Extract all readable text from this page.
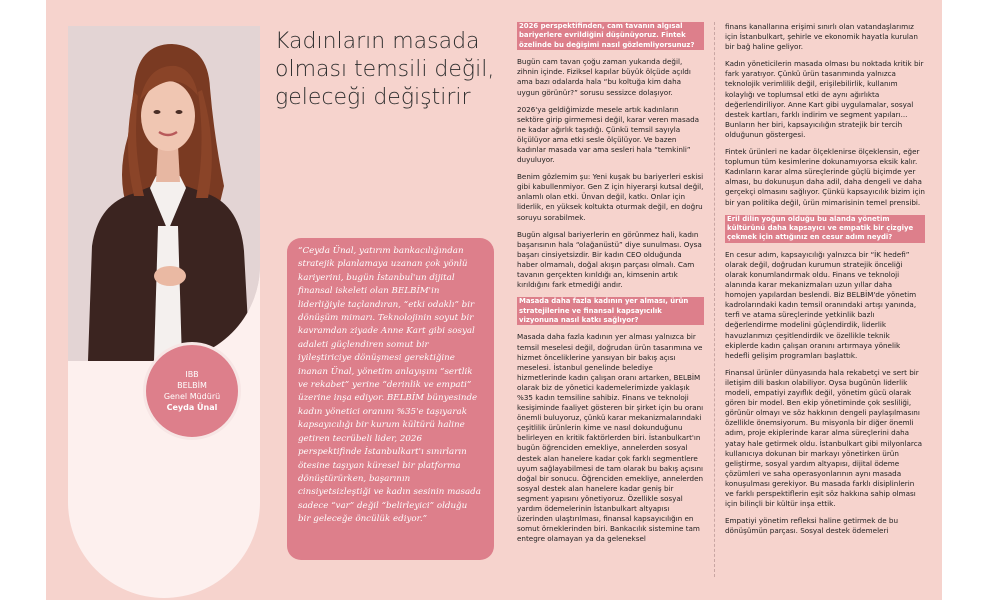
IBB
BELBİM
Genel Müdürü
Ceyda Ünal
Kadınların masada olması temsili değil, geleceği değiştirir
“Ceyda Ünal, yatırım bankacılığından stratejik planlamaya uzanan çok yönlü kariyerini, bugün İstanbul'un dijital finansal iskeleti olan BELBİM'in liderliğiyle taçlandıran, “etki odaklı” bir dönüşüm mimarı. Teknolojinin soyut bir kavramdan ziyade Anne Kart gibi sosyal adaleti güçlendiren somut bir iyileştiriciye dönüşmesi gerektiğine inanan Ünal, yönetim anlayışını “sertlik ve rekabet” yerine “derinlik ve empati” üzerine inşa ediyor. BELBİM bünyesinde kadın yönetici oranını %35'e taşıyarak kapsayıcılığı bir kurum kültürü haline getiren tecrübeli lider, 2026 perspektifinde İstanbulkart'ı sınırların ötesine taşıyan küresel bir platforma dönüştürürken, başarının cinsiyetsizleştiği ve kadın sesinin masada sadece “var” değil “belirleyici” olduğu bir geleceğe öncülük ediyor.”
2026 perspektifinden, cam tavanın algısal bariyerlere evrildiğini düşünüyoruz. Fintek özelinde bu değişimi nasıl gözlemliyorsunuz?
Bugün cam tavan çoğu zaman yukarıda değil, zihnin içinde. Fiziksel kapılar büyük ölçüde açıldı ama bazı odalarda hala “bu koltuğa kim daha uygun görünür?” sorusu sessizce dolaşıyor.
2026'ya geldiğimizde mesele artık kadınların sektöre girip girmemesi değil, karar veren masada ne kadar ağırlık taşıdığı. Çünkü temsil sayıyla ölçülüyor ama etki sesle ölçülüyor. Ve bazen kadınlar masada var ama sesleri hala “temkinli” duyuluyor.
Benim gözlemim şu: Yeni kuşak bu bariyerleri eskisi gibi kabullenmiyor. Gen Z için hiyerarşi kutsal değil, anlamlı olan etki. Ünvan değil, katkı. Onlar için liderlik, en yüksek koltukta oturmak değil, en doğru soruyu sorabilmek.
Bugün algısal bariyerlerin en görünmez hali, kadın başarısının hala “olağanüstü” diye sunulması. Oysa başarı cinsiyetsizdir. Bir kadın CEO olduğunda haber olmamalı, doğal akışın parçası olmalı. Cam tavanın gerçekten kırıldığı an, kimsenin artık kırıldığını fark etmediği andır.
Masada daha fazla kadının yer alması, ürün stratejilerine ve finansal kapsayıcılık vizyonuna nasıl katkı sağlıyor?
Masada daha fazla kadının yer alması yalnızca bir temsil meselesi değil, doğrudan ürün tasarımına ve hizmet önceliklerine yansıyan bir bakış açısı meselesi. İstanbul genelinde belediye hizmetlerinde kadın çalışan oranı artarken, BELBİM olarak biz de yönetici kademelerimizde yaklaşık %35 kadın temsiline sahibiz. Finans ve teknoloji kesişiminde faaliyet gösteren bir şirket için bu oranı önemli buluyoruz, çünkü karar mekanizmalarındaki çeşitlilik ürünlerin kime ve nasıl dokunduğunu belirleyen en kritik faktörlerden biri. İstanbulkart'ın bugün öğrenciden emekliye, annelerden sosyal destek alan hanelere kadar çok farklı segmentlere uyum sağlayabilmesi de tam olarak bu bakış açısını doğal bir sonucu. Öğrenciden emekliye, annelerden sosyal destek alan hanelere kadar geniş bir segment yapısını yönetiyoruz. Özellikle sosyal yardım ödemelerinin İstanbulkart altyapısı üzerinden ulaştırılması, finansal kapsayıcılığın en somut örneklerinden biri. Bankacılık sistemine tam entegre olamayan ya da geleneksel
finans kanallarına erişimi sınırlı olan vatandaşlarımız için İstanbulkart, şehirle ve ekonomik hayatla kurulan bir bağ haline geliyor.
Kadın yöneticilerin masada olması bu noktada kritik bir fark yaratıyor. Çünkü ürün tasarımında yalnızca teknolojik verimlilik değil, erişilebilirlik, kullanım kolaylığı ve toplumsal etki de aynı ağırlıkta değerlendiriliyor. Anne Kart gibi uygulamalar, sosyal destek kartları, farklı indirim ve segment yapıları... Bunların her biri, kapsayıcılığın stratejik bir tercih olduğunun göstergesi.
Fintek ürünleri ne kadar ölçeklenirse ölçeklensin, eğer toplumun tüm kesimlerine dokunamıyorsa eksik kalır. Kadınların karar alma süreçlerinde güçlü biçimde yer alması, bu dokunuşun daha adil, daha dengeli ve daha gerçekçi olmasını sağlıyor. Çünkü kapsayıcılık bizim için bir yan politika değil, ürün mimarisinin temel prensibi.
Eril dilin yoğun olduğu bu alanda yönetim kültürünü daha kapsayıcı ve empatik bir çizgiye çekmek için attığınız en cesur adım neydi?
En cesur adım, kapsayıcılığı yalnızca bir “İK hedefi” olarak değil, doğrudan kurumun stratejik önceliği olarak konumlandırmak oldu. Finans ve teknoloji alanında karar mekanizmaları uzun yıllar daha homojen yapılardan beslendi. Biz BELBİM'de yönetim kadrolarındaki kadın temsil oranındaki artışı yanında, terfi ve atama süreçlerinde yetkinlik bazlı değerlendirme modelini güçlendirdik, liderlik havuzlarımızı çeşitlendirdik ve özellikle teknik ekiplerde kadın çalışan oranını artırmaya yönelik hedefli gelişim programları başlattık.
Finansal ürünler dünyasında hala rekabetçi ve sert bir iletişim dili baskın olabiliyor. Oysa bugünün liderlik modeli, empatiyi zayıflık değil, yönetim gücü olarak gören bir model. Ben ekip yönetiminde çok sesliliği, görünür olmayı ve söz hakkının dengeli paylaşılmasını özellikle önemsiyorum. Bu misyonla bir diğer önemli adım, proje ekiplerinde karar alma süreçlerini daha yatay hale getirmek oldu. İstanbulkart gibi milyonlarca kullanıcıya dokunan bir markayı yönetirken ürün geliştirme, sosyal yardım altyapısı, dijital ödeme çözümleri ve saha operasyonlarının aynı masada konuşulması gerekiyor. Bu masada farklı disiplinlerin ve farklı perspektiflerin eşit söz hakkına sahip olması için bilinçli bir kültür inşa ettik.
Empatiyi yönetim refleksi haline getirmek de bu dönüşümün parçası. Sosyal destek ödemeleri
